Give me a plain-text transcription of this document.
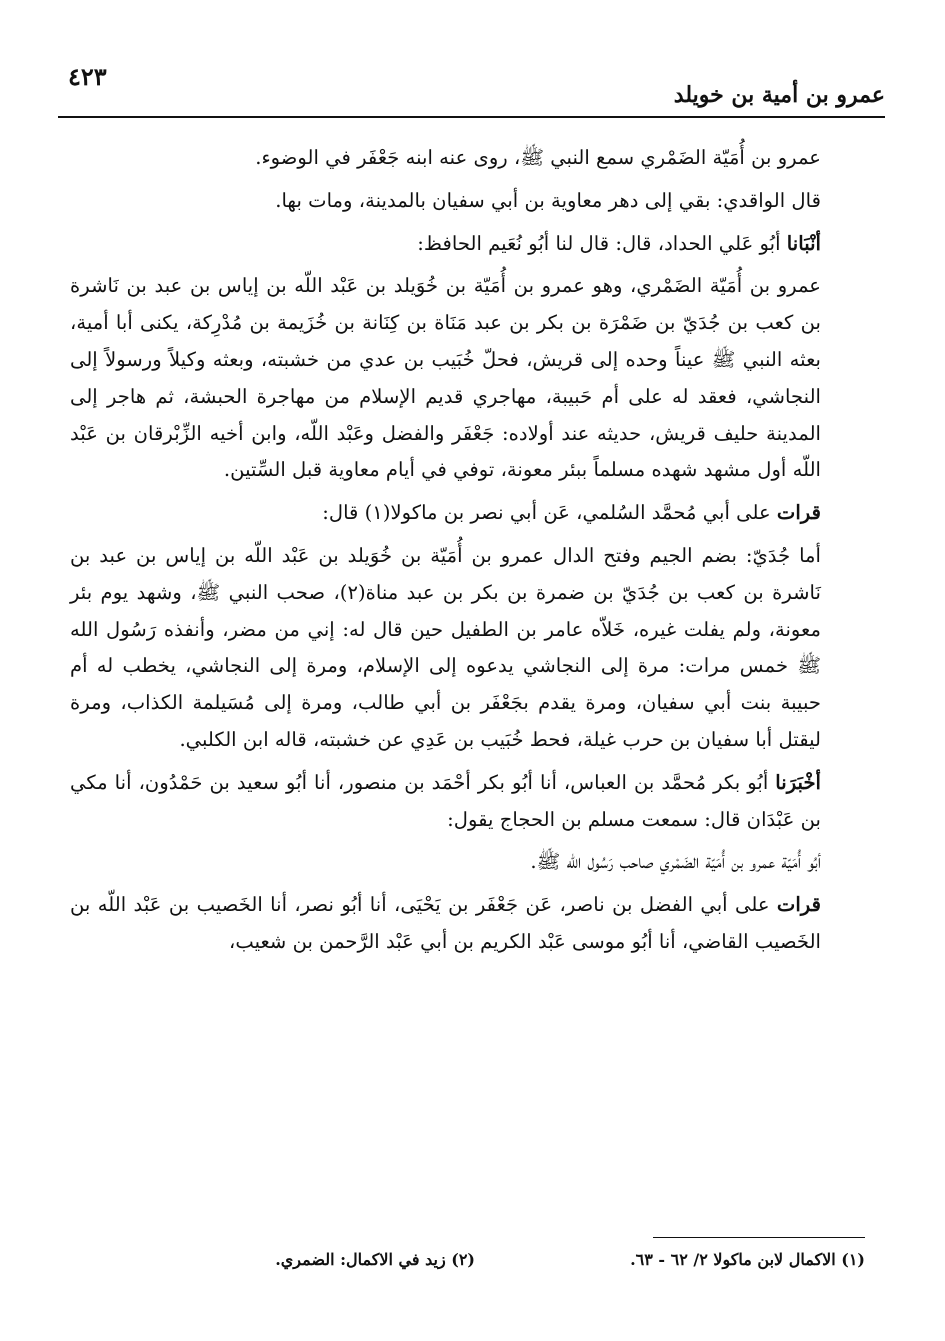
عمرو بن أمية بن خويلد
٤٢٣

عمرو بن أُمَيّة الضَمْري سمع النبي ﷺ، روى عنه ابنه جَعْفَر في الوضوء.

قال الواقدي: بقي إلى دهر معاوية بن أبي سفيان بالمدينة، ومات بها.

أنْبَانا أبُو عَلي الحداد، قال: قال لنا أبُو نُعَيم الحافظ:

عمرو بن أُمَيّة الضَمْري، وهو عمرو بن أُمَيّة بن خُوَيلد بن عَبْد اللّه بن إياس بن عبد بن نَاشرة بن كعب بن جُدَيّ بن ضَمْرَة بن بكر بن عبد مَنَاة بن كِنَانة بن خُزَيمة بن مُدْرِكة، يكنى أبا أمية، بعثه النبي ﷺ عيناً وحده إلى قريش، فحلّ خُبَيب بن عدي من خشبته، وبعثه وكيلاً ورسولاً إلى النجاشي، فعقد له على أم حَبيبة، مهاجري قديم الإسلام من مهاجرة الحبشة، ثم هاجر إلى المدينة حليف قريش، حديثه عند أولاده: جَعْفَر والفضل وعَبْد اللّه، وابن أخيه الزِّبْرقان بن عَبْد اللّه أول مشهد شهده مسلماً ببئر معونة، توفي في أيام معاوية قبل السِّتين.

قرات على أبي مُحمَّد السُلمي، عَن أبي نصر بن ماكولا(١) قال:

أما جُدَيّ: بضم الجيم وفتح الدال عمرو بن أُمَيّة بن خُوَيلد بن عَبْد اللّه بن إياس بن عبد بن نَاشرة بن كعب بن جُدَيّ بن ضمرة بن بكر بن عبد مناة(٢)، صحب النبي ﷺ، وشهد يوم بئر معونة، ولم يفلت غيره، خَلاّه عامر بن الطفيل حين قال له: إني من مضر، وأنفذه رَسُول الله ﷺ خمس مرات: مرة إلى النجاشي يدعوه إلى الإسلام، ومرة إلى النجاشي، يخطب له أم حبيبة بنت أبي سفيان، ومرة يقدم بجَعْفَر بن أبي طالب، ومرة إلى مُسَيلمة الكذاب، ومرة ليقتل أبا سفيان بن حرب غيلة، فحط خُبَيب بن عَدِي عن خشبته، قاله ابن الكلبي.

أخْبَرَنا أبُو بكر مُحمَّد بن العباس، أنا أبُو بكر أحْمَد بن منصور، أنا أبُو سعيد بن حَمْدُون، أنا مكي بن عَبْدَان قال: سمعت مسلم بن الحجاج يقول:

أبُو أُمَيّة عمرو بن أُمَيّة الضَمْري صاحب رَسُول الله ﷺ.

قرات على أبي الفضل بن ناصر، عَن جَعْفَر بن يَحْيَى، أنا أبُو نصر، أنا الخَصيب بن عَبْد اللّه بن الخَصيب القاضي، أنا أبُو موسى عَبْد الكريم بن أبي عَبْد الرَّحمن بن شعيب،

(١) الاكمال لابن ماكولا ٢/ ٦٢ - ٦٣.
(٢) زيد في الاكمال: الضمري.
